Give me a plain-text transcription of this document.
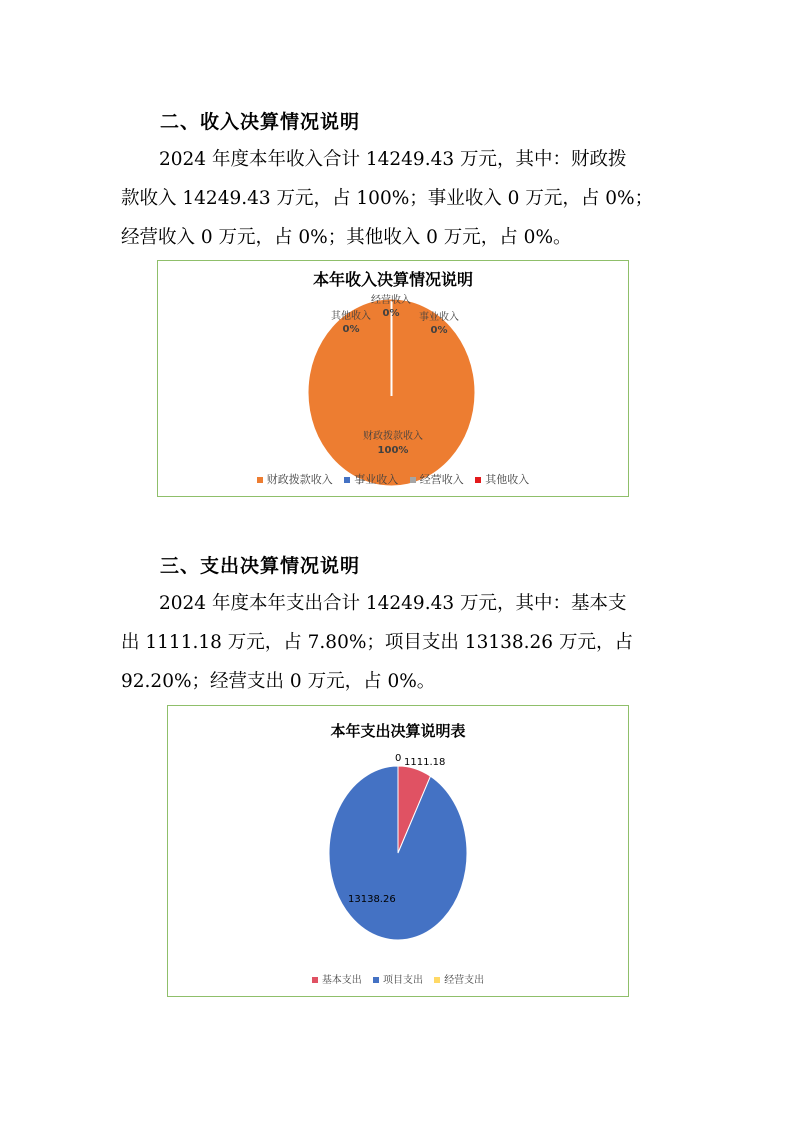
二、收入决算情况说明
2024 年度本年收入合计 14249.43 万元，其中：财政拨
款收入 14249.43 万元，占 100%；事业收入 0 万元，占 0%；
经营收入 0 万元，占 0%；其他收入 0 万元，占 0%。
本年收入决算情况说明
经营收入
0%
其他收入
0%
事业收入
0%
财政拨款收入
100%
财政拨款收入 事业收入 经营收入 其他收入
三、支出决算情况说明
2024 年度本年支出合计 14249.43 万元，其中：基本支
出 1111.18 万元，占 7.80%；项目支出 13138.26 万元，占
92.20%；经营支出 0 万元，占 0%。
本年支出决算说明表
0 1111.18
13138.26
基本支出 项目支出 经营支出
